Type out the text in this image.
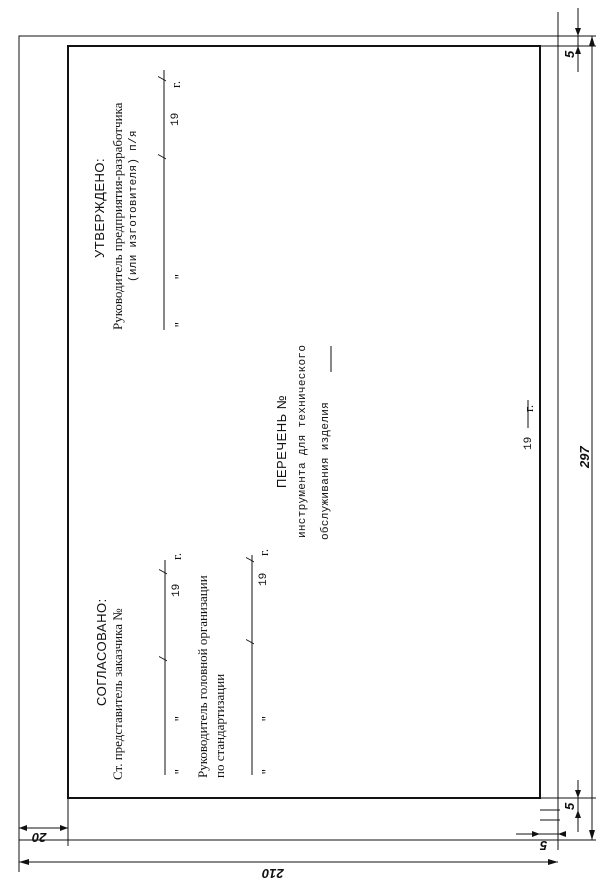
/
/
/
/
/
/
"
"
"
"
"
"
СОГЛАСОВАНО: Ст. представитель заказчика №
19
г.
Руководитель головной организации по стандартизации
19
г.
УТВЕРЖДЕНО: Руководитель предприятия-разработчика (или изготовителя) п/я
19
г.
ПЕРЕЧЕНЬ № инструмента для технического обслуживания изделия	19
г.
297
5
5
5
20
210
